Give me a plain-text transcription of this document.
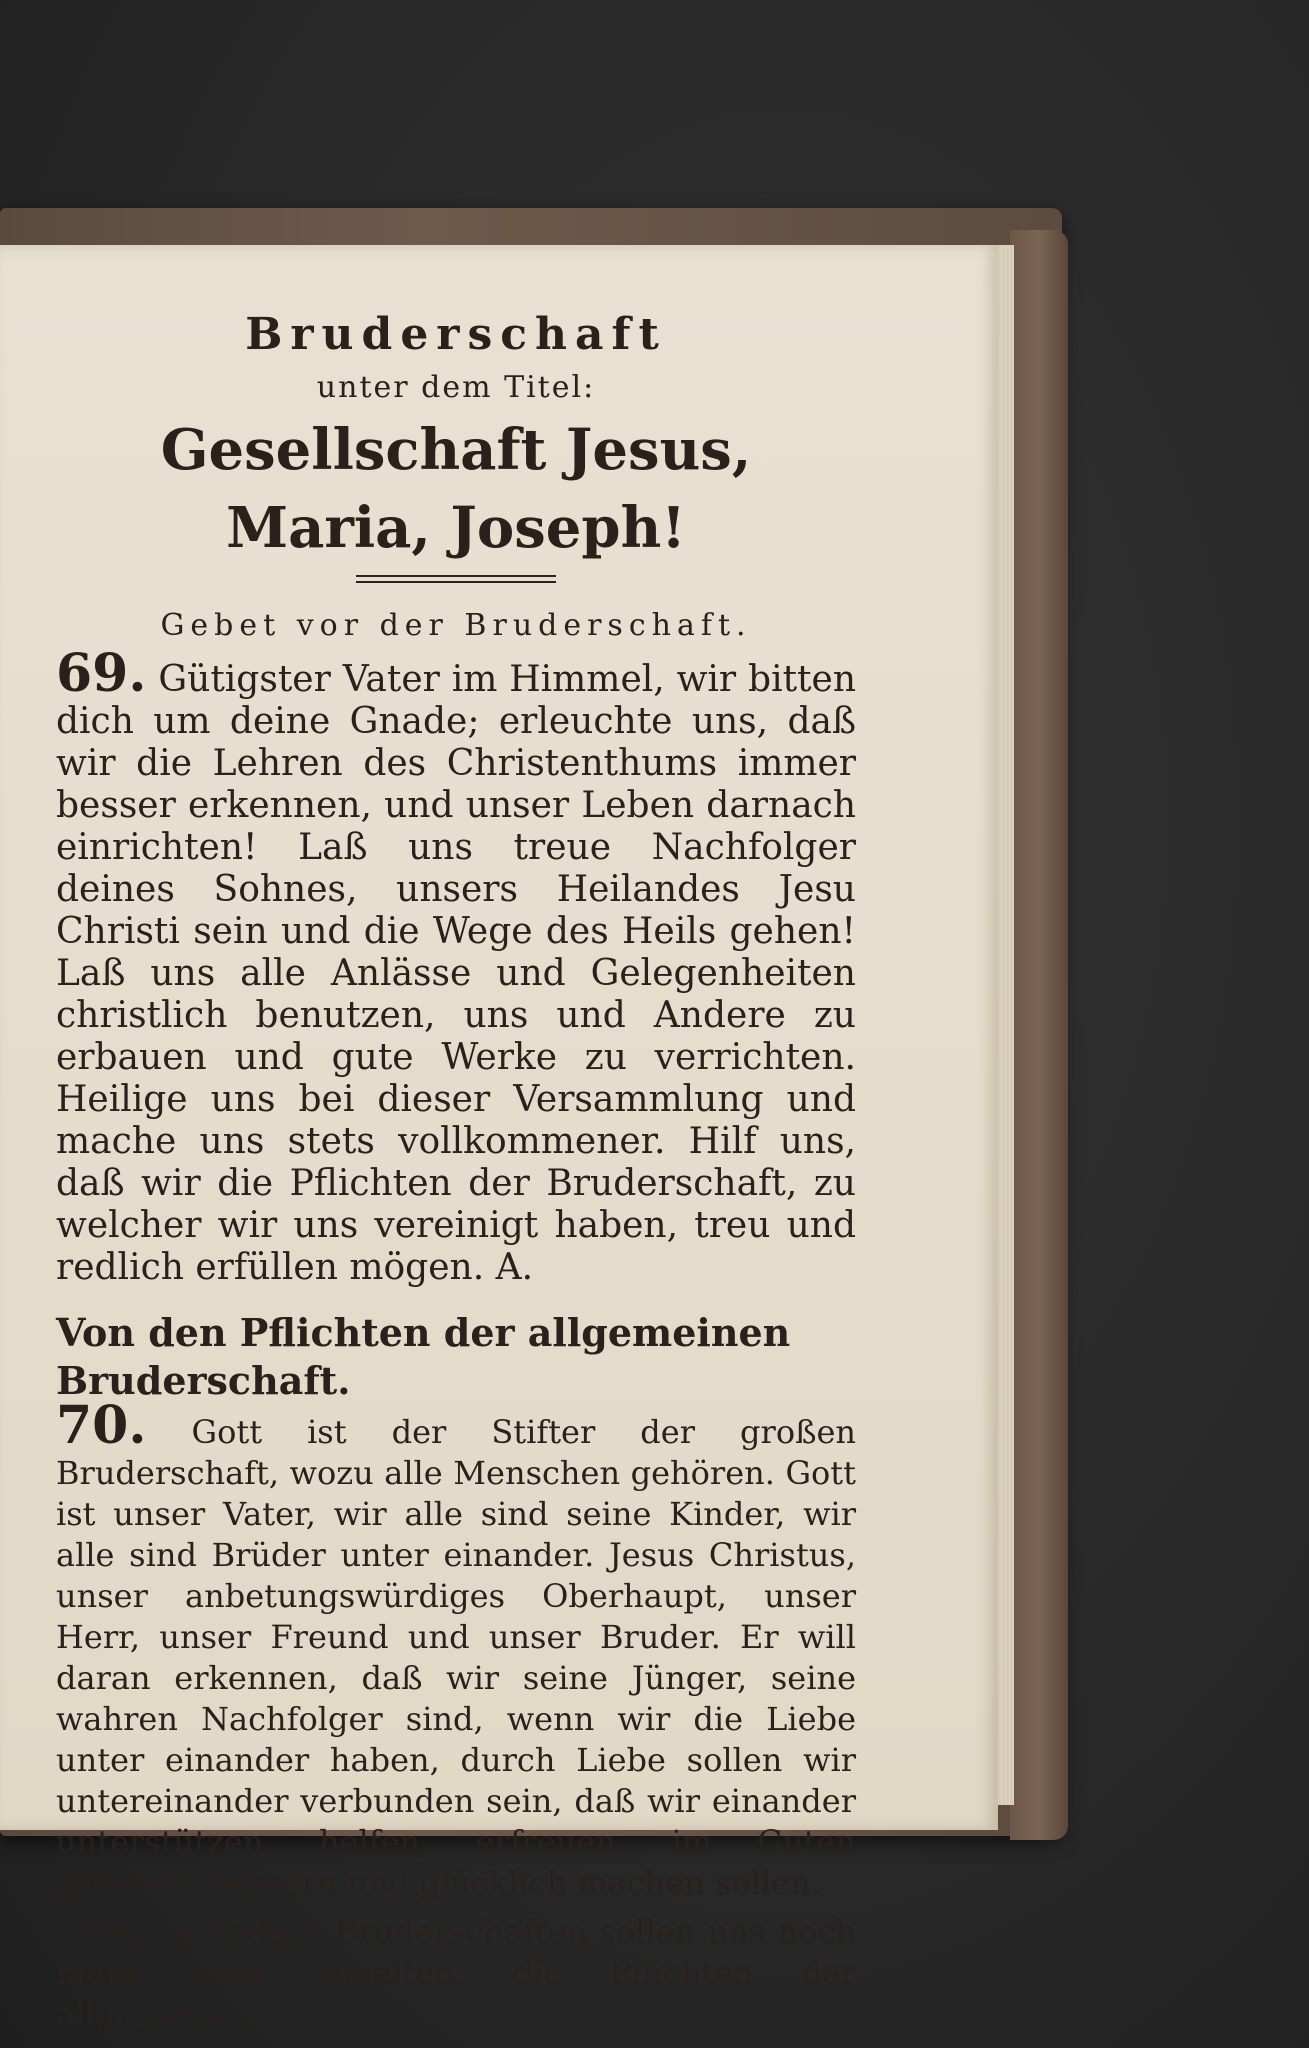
Bruderschaft

unter dem Titel:

Gesellschaft Jesus, Maria, Joseph!

Gebet vor der Bruderschaft.

69. Gütigster Vater im Himmel, wir bitten dich um deine Gnade; erleuchte uns, daß wir die Lehren des Christenthums immer besser erkennen, und unser Leben darnach einrichten! Laß uns treue Nachfolger deines Sohnes, unsers Heilandes Jesu Christi sein und die Wege des Heils gehen! Laß uns alle Anlässe und Gelegenheiten christlich benutzen, uns und Andere zu erbauen und gute Werke zu verrichten. Heilige uns bei dieser Versammlung und mache uns stets vollkommener. Hilf uns, daß wir die Pflichten der Bruderschaft, zu welcher wir uns vereinigt haben, treu und redlich erfüllen mögen. A.

Von den Pflichten der allgemeinen Bruderschaft.

70. Gott ist der Stifter der großen Bruderschaft, wozu alle Menschen gehören. Gott ist unser Vater, wir alle sind seine Kinder, wir alle sind Brüder unter einander. Jesus Christus, unser anbetungswürdiges Oberhaupt, unser Herr, unser Freund und unser Bruder. Er will daran erkennen, daß wir seine Jünger, seine wahren Nachfolger sind, wenn wir die Liebe unter einander haben, durch Liebe sollen wir untereinander verbunden sein, daß wir einander unterstützen, helfen, erfreuen, im Guten erbauen, bessern und glücklich machen sollen.

Die besondern Bruderschaften sollen uns noch mehr dazu anhalten, die Pflichten der allgemeinen
